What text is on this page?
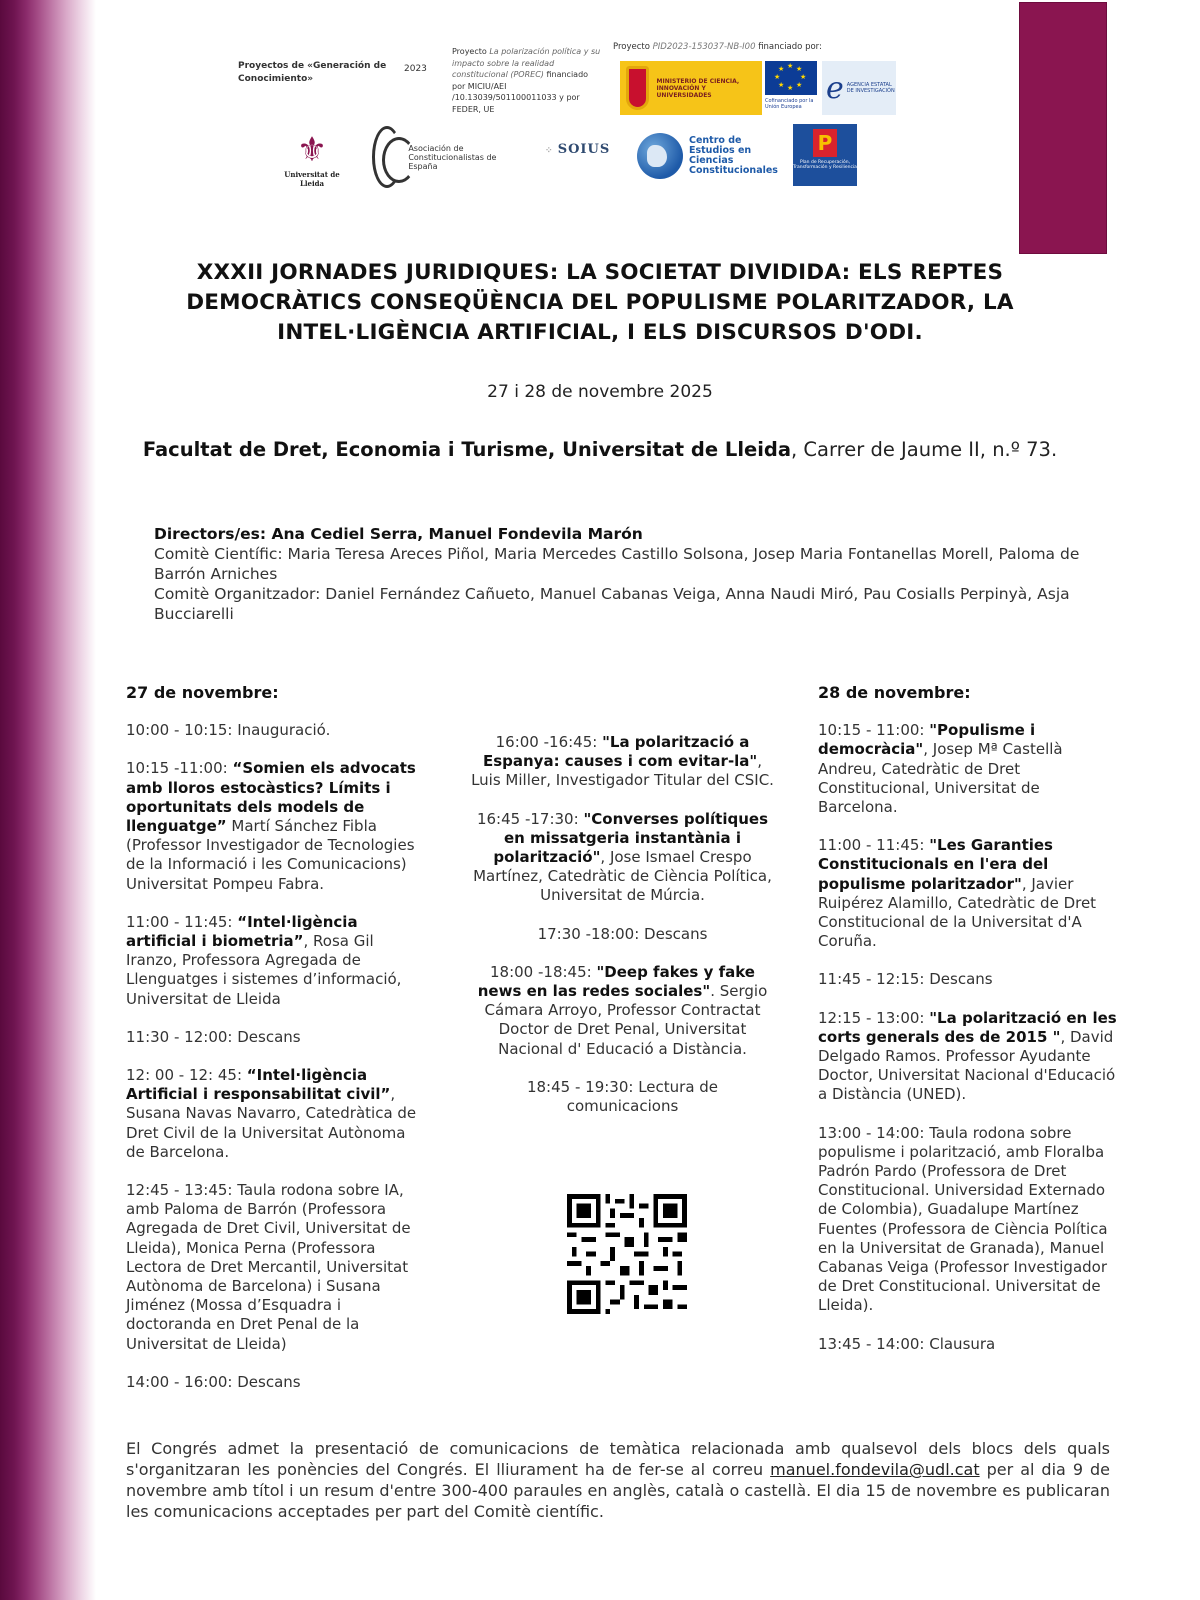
Proyectos de «Generación de Conocimiento»
2023
Proyecto La polarización política y su impacto sobre la realidad constitucional (POREC) financiado por MICIU/AEI /10.13039/501100011033 y por FEDER, UE
Proyecto PID2023-153037-NB-I00 financiado por:
MINISTERIO DE CIENCIA, INNOVACIÓN Y UNIVERSIDADES
★ ★
★
★
★
★
★
★
Cofinanciado por la Unión Europea
e AGENCIA ESTATAL DE INVESTIGACIÓN
⚜
Universitat de Lleida
Asociación de Constitucionalistas de España
⁘ SOIUS
Centro de Estudios en Ciencias Constitucionales
P
Plan de Recuperación, Transformación y Resiliencia
XXXII JORNADES JURIDIQUES: LA SOCIETAT DIVIDIDA: ELS REPTES DEMOCRÀTICS CONSEQÜÈNCIA DEL POPULISME POLARITZADOR, LA INTEL·LIGÈNCIA ARTIFICIAL, I ELS DISCURSOS D'ODI.
27 i 28 de novembre 2025
Facultat de Dret, Economia i Turisme, Universitat de Lleida, Carrer de Jaume II, n.º 73.
Directors/es: Ana Cediel Serra, Manuel Fondevila Marón
Comitè Científic: Maria Teresa Areces Piñol, Maria Mercedes Castillo Solsona, Josep Maria Fontanellas Morell, Paloma de Barrón Arniches
Comitè Organitzador: Daniel Fernández Cañueto, Manuel Cabanas Veiga, Anna Naudi Miró, Pau Cosialls Perpinyà, Asja Bucciarelli
27 de novembre:

10:00 - 10:15: Inauguració.

10:15 -11:00: “Somien els advocats amb lloros estocàstics? Límits i oportunitats dels models de llenguatge” Martí Sánchez Fibla (Professor Investigador de Tecnologies de la Informació i les Comunicacions) Universitat Pompeu Fabra.

11:00 - 11:45: “Intel·ligència artificial i biometria”, Rosa Gil Iranzo, Professora Agregada de Llenguatges i sistemes d’informació, Universitat de Lleida

11:30 - 12:00: Descans

12: 00 - 12: 45: “Intel·ligència Artificial i responsabilitat civil”, Susana Navas Navarro, Catedràtica de Dret Civil de la Universitat Autònoma de Barcelona.

12:45 - 13:45: Taula rodona sobre IA, amb Paloma de Barrón (Professora Agregada de Dret Civil, Universitat de Lleida), Monica Perna (Professora Lectora de Dret Mercantil, Universitat Autònoma de Barcelona) i Susana Jiménez (Mossa d’Esquadra i doctoranda en Dret Penal de la Universitat de Lleida)

14:00 - 16:00: Descans

16:00 -16:45: "La polarització a Espanya: causes i com evitar-la", Luis Miller, Investigador Titular del CSIC.

16:45 -17:30: "Converses polítiques en missatgeria instantània i polarització", Jose Ismael Crespo Martínez, Catedràtic de Ciència Política, Universitat de Múrcia.

17:30 -18:00: Descans

18:00 -18:45: "Deep fakes y fake news en las redes sociales". Sergio Cámara Arroyo, Professor Contractat Doctor de Dret Penal, Universitat Nacional d' Educació a Distància.

18:45 - 19:30: Lectura de comunicacions

28 de novembre:

10:15 - 11:00: "Populisme i democràcia", Josep Mª Castellà Andreu, Catedràtic de Dret Constitucional, Universitat de Barcelona.

11:00 - 11:45: "Les Garanties Constitucionals en l'era del populisme polaritzador", Javier Ruipérez Alamillo, Catedràtic de Dret Constitucional de la Universitat d'A Coruña.

11:45 - 12:15: Descans

12:15 - 13:00: "La polarització en les corts generals des de 2015 ", David Delgado Ramos. Professor Ayudante Doctor, Universitat Nacional d'Educació a Distància (UNED).

13:00 - 14:00: Taula rodona sobre populisme i polarització, amb Floralba Padrón Pardo (Professora de Dret Constitucional. Universidad Externado de Colombia), Guadalupe Martínez Fuentes (Professora de Ciència Política en la Universitat de Granada), Manuel Cabanas Veiga (Professor Investigador de Dret Constitucional. Universitat de Lleida).

13:45 - 14:00: Clausura

El Congrés admet la presentació de comunicacions de temàtica relacionada amb qualsevol dels blocs dels quals s'organitzaran les ponències del Congrés. El lliurament ha de fer-se al correu manuel.fondevila@udl.cat per al dia 9 de novembre amb títol i un resum d'entre 300-400 paraules en anglès, català o castellà. El dia 15 de novembre es publicaran les comunicacions acceptades per part del Comitè científic.
